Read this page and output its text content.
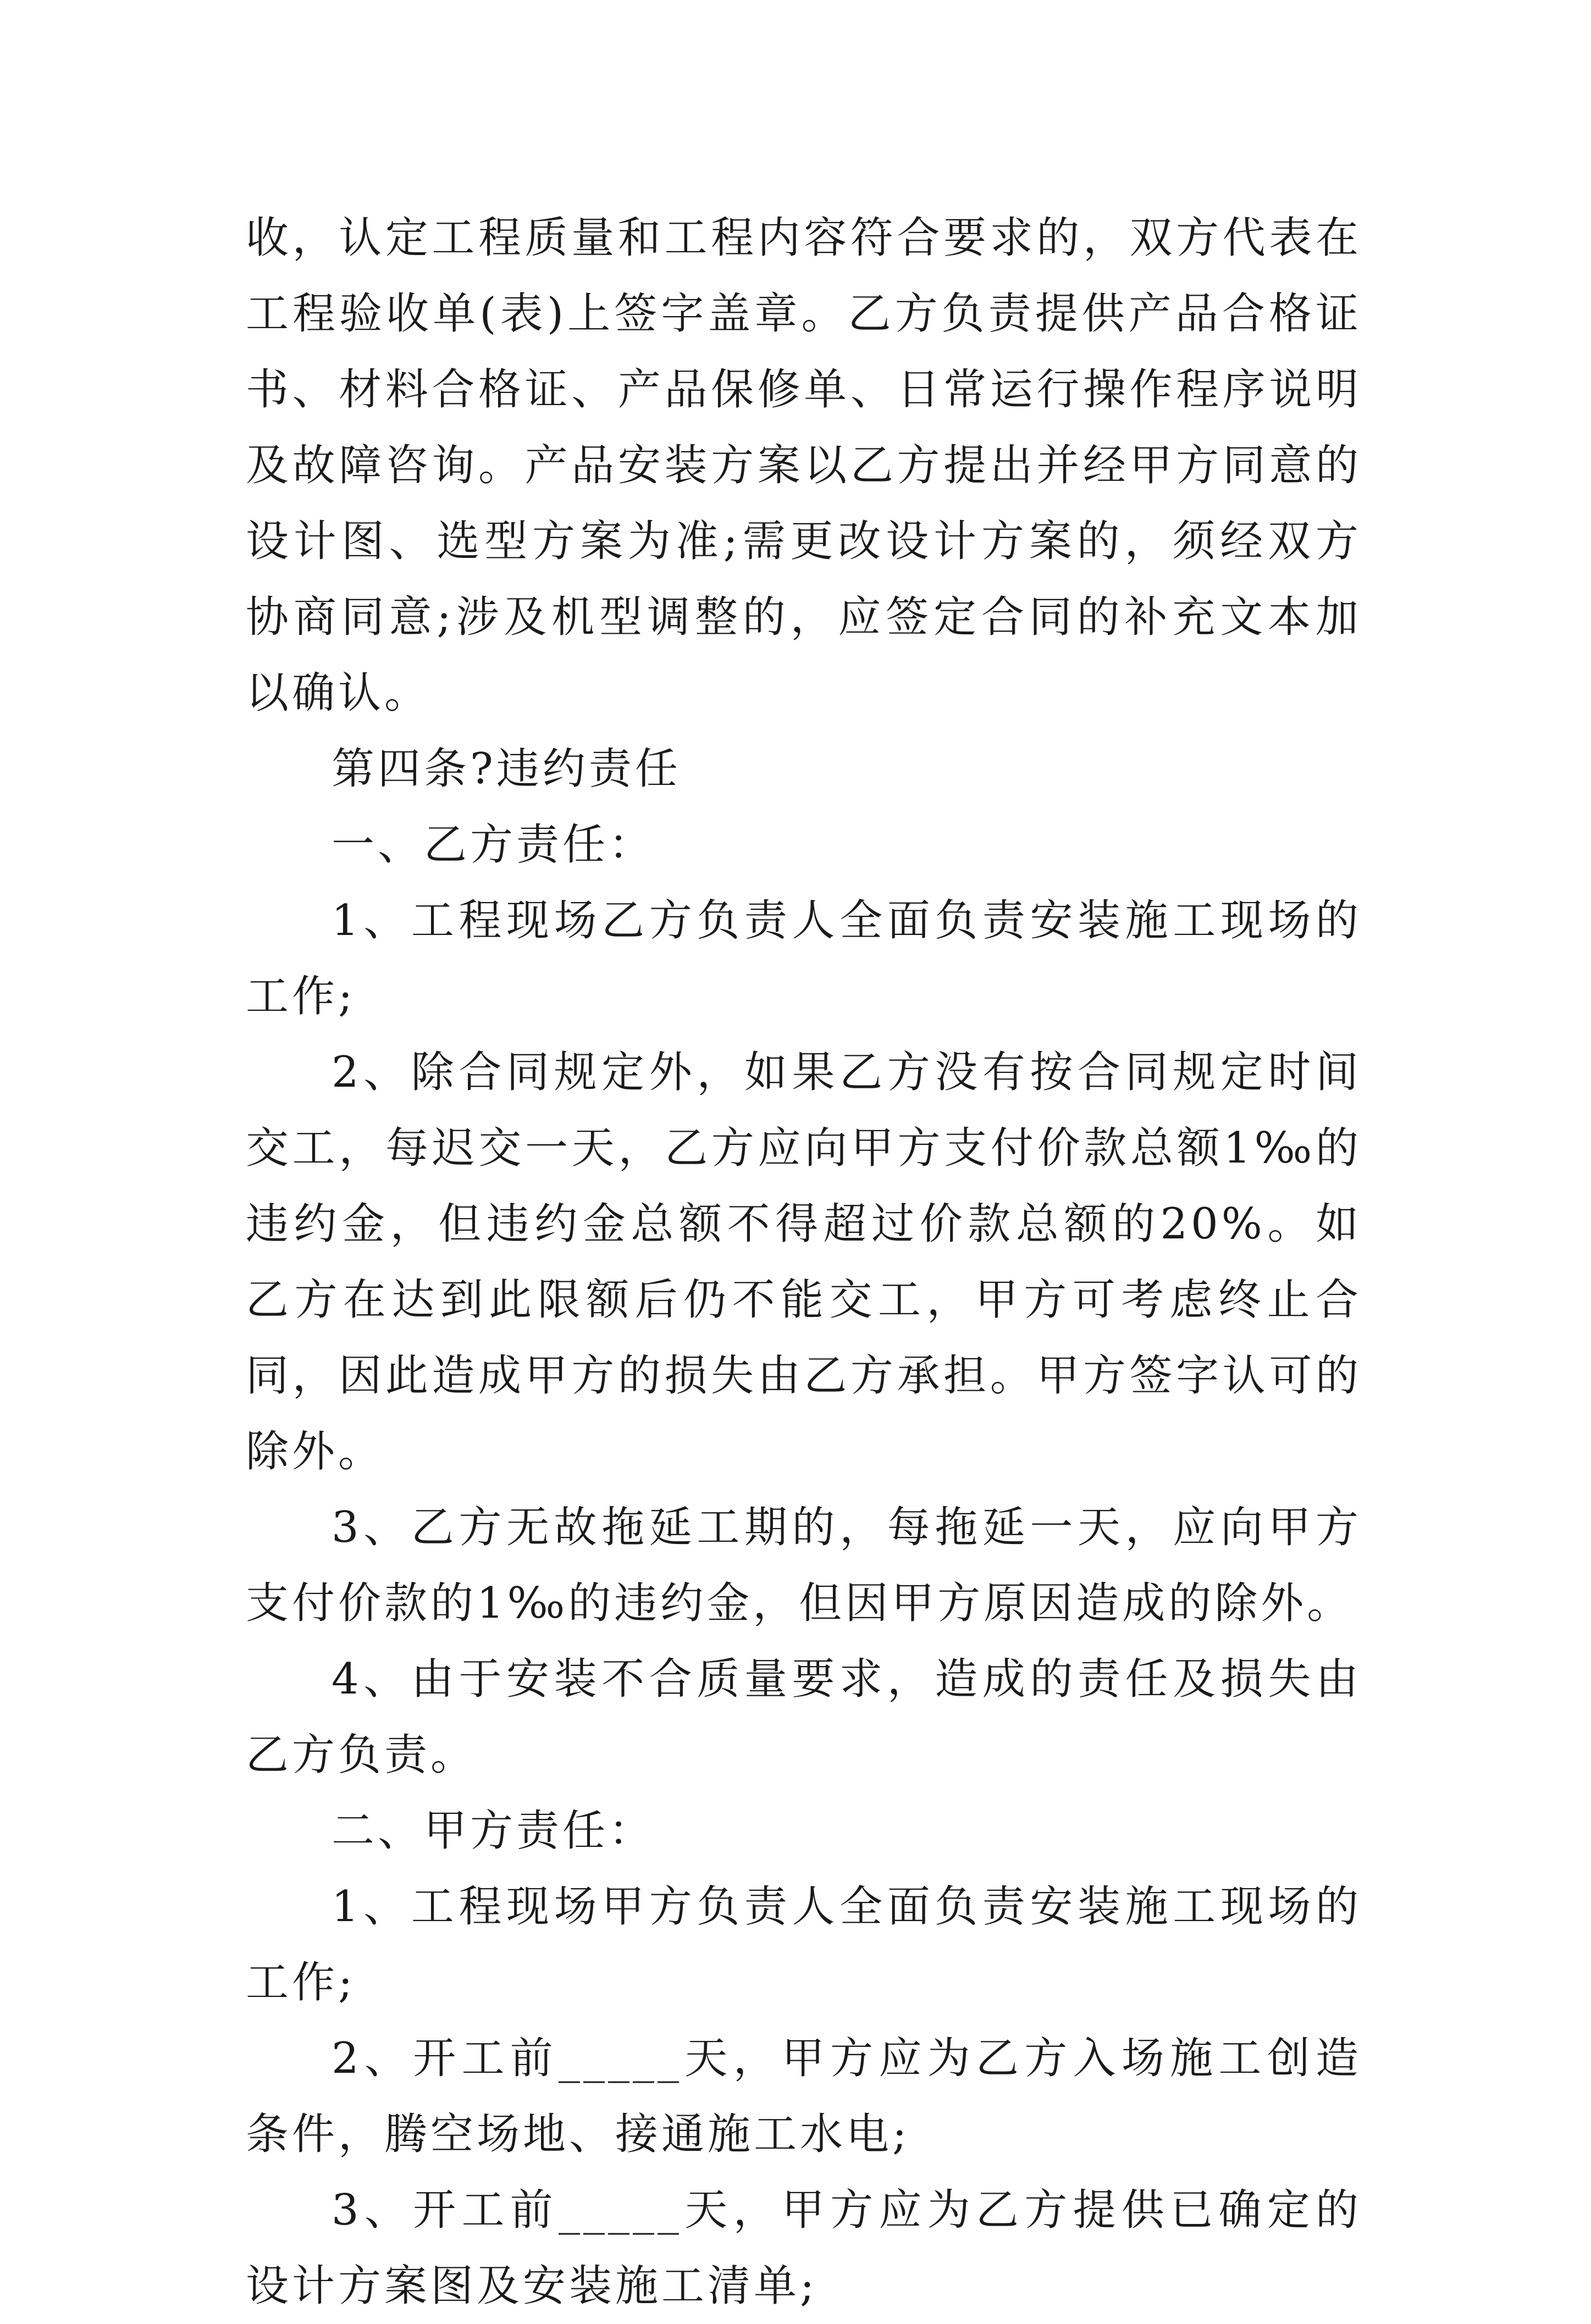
收，认定工程质量和工程内容符合要求的，双方代表在工程验收单(表)上签字盖章。乙方负责提供产品合格证书、材料合格证、产品保修单、日常运行操作程序说明及故障咨询。产品安装方案以乙方提出并经甲方同意的设计图、选型方案为准;需更改设计方案的，须经双方协商同意;涉及机型调整的，应签定合同的补充文本加以确认。

第四条?违约责任

一、乙方责任：

1、工程现场乙方负责人全面负责安装施工现场的工作;

2、除合同规定外，如果乙方没有按合同规定时间交工，每迟交一天，乙方应向甲方支付价款总额1‰的违约金，但违约金总额不得超过价款总额的20%。如乙方在达到此限额后仍不能交工，甲方可考虑终止合同，因此造成甲方的损失由乙方承担。甲方签字认可的除外。

3、乙方无故拖延工期的，每拖延一天，应向甲方支付价款的1‰的违约金，但因甲方原因造成的除外。

4、由于安装不合质量要求，造成的责任及损失由乙方负责。

二、甲方责任：

1、工程现场甲方负责人全面负责安装施工现场的工作;

2、开工前_____天，甲方应为乙方入场施工创造条件，腾空场地、接通施工水电;

3、开工前_____天，甲方应为乙方提供已确定的设计方案图及安装施工清单;
